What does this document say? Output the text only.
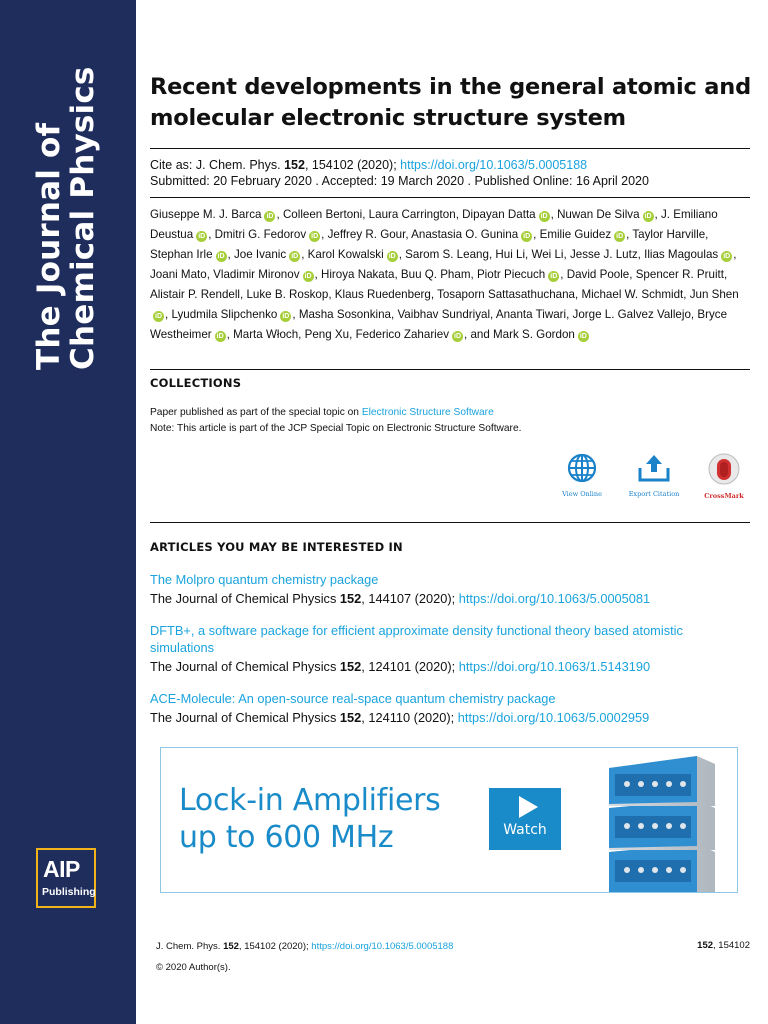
The Journal of
Chemical Physics
AIP
Publishing
Recent developments in the general atomic and molecular electronic structure system
Cite as: J. Chem. Phys. 152, 154102 (2020); https://doi.org/10.1063/5.0005188
Submitted: 20 February 2020 . Accepted: 19 March 2020 . Published Online: 16 April 2020
Giuseppe M. J. Barca iD , Colleen Bertoni, Laura Carrington, Dipayan Datta iD , Nuwan De Silva iD , J. Emiliano Deustua iD , Dmitri G. Fedorov iD , Jeffrey R. Gour, Anastasia O. Gunina iD , Emilie Guidez iD , Taylor Harville, Stephan Irle iD , Joe Ivanic iD , Karol Kowalski iD , Sarom S. Leang, Hui Li, Wei Li, Jesse J. Lutz, Ilias Magoulas iD , Joani Mato, Vladimir Mironov iD , Hiroya Nakata, Buu Q. Pham, Piotr Piecuch iD , David Poole, Spencer R. Pruitt, Alistair P. Rendell, Luke B. Roskop, Klaus Ruedenberg, Tosaporn Sattasathuchana, Michael W. Schmidt, Jun SheniD , Lyudmila Slipchenko iD , Masha Sosonkina, Vaibhav Sundriyal, Ananta Tiwari, Jorge L. Galvez Vallejo, Bryce Westheimer iD , Marta Włoch, Peng Xu, Federico Zahariev iD , and Mark S. Gordon iD
COLLECTIONS
Paper published as part of the special topic on Electronic Structure Software
Note: This article is part of the JCP Special Topic on Electronic Structure Software.
View Online	Export Citation	CrossMark
ARTICLES YOU MAY BE INTERESTED IN
The Molpro quantum chemistry package
The Journal of Chemical Physics 152, 144107 (2020); https://doi.org/10.1063/5.0005081
DFTB+, a software package for efficient approximate density functional theory based atomistic simulations
The Journal of Chemical Physics 152, 124101 (2020); https://doi.org/10.1063/1.5143190
ACE-Molecule: An open-source real-space quantum chemistry package
The Journal of Chemical Physics 152, 124110 (2020); https://doi.org/10.1063/5.0002959
Lock-in Amplifiers
up to 600 MHz	Watch
J. Chem. Phys. 152, 154102 (2020); https://doi.org/10.1063/5.0005188	152, 154102
© 2020 Author(s).
